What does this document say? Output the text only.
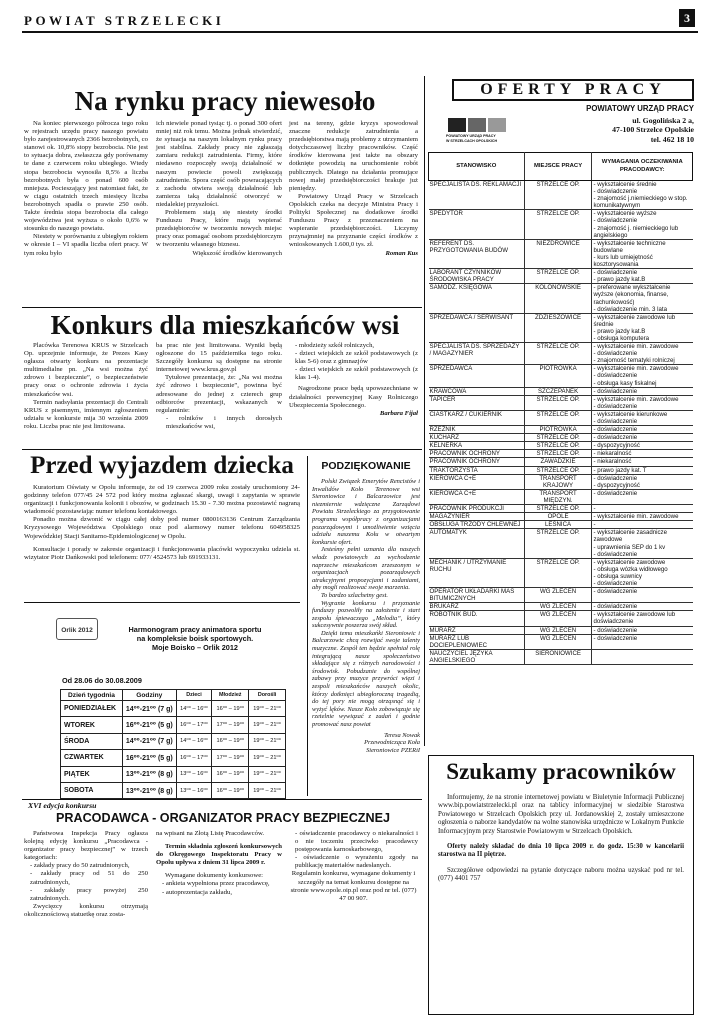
POWIAT STRZELECKI	3
Na rynku pracy niewesoło

Na koniec pierwszego półrocza tego roku w rejestrach urzędu pracy naszego powiatu było zarejestrowanych 2366 bezrobotnych, co stanowi ok. 10,8% stopy bezrobocia. Nie jest to sytuacja dobra, zwłaszcza gdy porównamy te dane z czerwcem roku ubiegłego. Wtedy stopa bezrobocia wynosiła 8,5% a liczba bezrobotnych była o ponad 600 osób mniejsza. Pocieszający jest natomiast fakt, że w ciągu ostatnich trzech miesięcy liczba bezrobotnych spadła o prawie 250 osób. Także średnia stopa bezrobocia dla całego województwa jest wyższa o około 0,6% w stosunku do naszego powiatu.

Niestety w porównaniu z ubiegłym rokiem w okresie I – VI spadła liczba ofert pracy. W tym roku było

ich niewiele ponad tysiąc tj. o ponad 300 ofert mniej niż rok temu. Można jednak stwierdzić, że sytuacja na naszym lokalnym rynku pracy jest stabilna. Zakłady pracy nie zgłaszają zamiaru redukcji zatrudnienia. Firmy, które niedawno rozpoczęły swoją działalność w naszym powiecie powoli zwiększają zatrudnienie. Spora część osób powracających z zachodu otwiera swoją działalność lub zamierza taką działalność otworzyć w niedalekiej przyszłości.

Problemem stają się niestety środki Funduszu Pracy, które mają wspierać przedsiębiorców w tworzeniu nowych miejsc pracy oraz pomagać osobom przedsiębiorczym w tworzeniu własnego biznesu.

Większość środków kierowanych

jest na tereny, gdzie kryzys spowodował znaczne redukcje zatrudnienia a przedsiębiorstwa mają problemy z utrzymaniem dotychczasowej liczby pracowników. Część środków kierowana jest także na obszary dotknięte powodzią na uruchomienie robót publicznych. Dlatego na działania promujące nowej małej przedsiębiorczości brakuje już pieniędzy.

Powiatowy Urząd Pracy w Strzelcach Opolskich czeka na decyzje Ministra Pracy i Polityki Społecznej na dodatkowe środki Funduszu Pracy z przeznaczeniem na wspieranie przedsiębiorczości. Liczymy przynajmniej na przyznanie części środków z wnioskowanych 1.600,0 tys. zł.

Roman Kus
Konkurs dla mieszkańców wsi

Placówka Terenowa KRUS w Strzelcach Op. uprzejmie informuje, że Prezes Kasy ogłasza otwarty konkurs na prezentacje multimedialne pn. „Na wsi można żyć zdrowo i bezpiecznie”, o bezpieczeństwie pracy oraz o ochronie zdrowia i życia mieszkańców wsi.

Termin nadsyłania prezentacji do Centrali KRUS z pisemnym, imiennym zgłoszeniem udziału w konkursie mija 30 września 2009 roku. Liczba prac nie jest limitowana.

ba prac nie jest limitowana. Wyniki będą ogłoszone do 15 października tego roku. Szczegóły konkursu są dostępne na stronie internetowej www.krus.gov.pl

Tytułowe prezentacje, że: „Na wsi można żyć zdrowo i bezpiecznie”, powinna być adresowane do jednej z czterech grup odbiorców prezentacji, wskazanych w regulaminie:

- rolników i innych dorosłych mieszkańców wsi,

- młodzieży szkół rolniczych,

- dzieci wiejskich ze szkół podstawowych (z klas 5-6) oraz z gimnazjów

- dzieci wiejskich ze szkół podstawowych (z klas 1-4).

Nagrodzone prace będą upowszechniane w działalności prewencyjnej Kasy Rolniczego Ubezpieczenia Społecznego.

Barbara Fijał
Przed wyjazdem dziecka

Kuratorium Oświaty w Opolu informuje, że od 19 czerwca 2009 roku zostały uruchomiony 24- godzinny telefon 077/45 24 572 pod który można zgłaszać skargi, uwagi i zapytania w sprawie organizacji i funkcjonowania kolonii i obozów, w godzinach 15.30 - 7.30 można pozostawić nagraną wiadomość pozostawiając numer telefonu kontaktowego.

Ponadto można dzwonić w ciągu całej doby pod numer 0800163136 Centrum Zarządzania Kryzysowego Województwa Opolskiego oraz pod alarmowy numer telefonu 604958325 Wojewódzkiej Stacji Sanitarno-Epidemiologicznej w Opolu.

Konsultacje i porady w zakresie organizacji i funkcjonowania placówki wypoczynku udziela st. wizytator Piotr Dańkowski pod telefonem: 077/ 4524573 lub 691933131.

Orlik 2012	Harmonogram pracy animatora sportu
na kompleksie boisk sportowych.
Moje Boisko – Orlik 2012
Od 28.06 do 30.08.2009
Dzień tygodnia	Godziny	Dzieci	Młodzież	Dorośli
PONIEDZIAŁEK	14⁰⁰-21⁰⁰ (7 g)	14⁰⁰ – 16⁰⁰	16⁰⁰ – 19⁰⁰	19⁰⁰ – 21⁰⁰
WTOREK	16⁰⁰-21⁰⁰ (5 g)	16⁰⁰ – 17⁰⁰	17⁰⁰ – 19⁰⁰	19⁰⁰ – 21⁰⁰
ŚRODA	14⁰⁰-21⁰⁰ (7 g)	14⁰⁰ – 16⁰⁰	16⁰⁰ – 19⁰⁰	19⁰⁰ – 21⁰⁰
CZWARTEK	16⁰⁰-21⁰⁰ (5 g)	16⁰⁰ – 17⁰⁰	17⁰⁰ – 19⁰⁰	19⁰⁰ – 21⁰⁰
PIĄTEK	13⁰⁰-21⁰⁰ (8 g)	13⁰⁰ – 16⁰⁰	16⁰⁰ – 19⁰⁰	19⁰⁰ – 21⁰⁰
SOBOTA	13⁰⁰-21⁰⁰ (8 g)	13⁰⁰ – 16⁰⁰	16⁰⁰ – 19⁰⁰	19⁰⁰ – 21⁰⁰
PODZIĘKOWANIE

Polski Związek Emerytów Rencistów i Inwalidów Koło Terenowe wsi Sieroniowice i Balcarzowice jest niezmiernie wdzięczne Zarządowi Powiatu Strzeleckiego za przygotowanie programu współpracy z organizacjami pozarządowymi i umożliwienie wzięcia udziału naszemu Kołu w otwartym konkursie ofert.

Jesteśmy pełni uznania dla naszych władz powiatowych za wychodzenie naprzeciw mieszkańcom zrzeszonym w organizacjach pozarządowych atrakcyjnymi propozycjami i zadaniami, aby mogli realizować swoje marzenia.

To bardzo szlachetny gest.

Wygranie konkursu i przyznanie funduszy pozwoliły na założenie i start zespołu śpiewaczego „Melodia”, który sukcesywnie poszerza swój skład.

Dzięki temu mieszkańki Sieroniowic i Balcarzowic chcą rozwijać swoje talenty muzyczne. Zespół ten będzie spełniał rolę integrującą nasze społeczeństwo składające się z różnych narodowości i środowisk. Pobudzanie do wspólnej zabawy przy muzyce przywróci więzi i zespoli mieszkańców naszych okolic, którzy dotknięci ubiegłoroczną tragedią, do tej pory nie mogą otrząsnąć się i wyżyć lęków. Nasze Koło zobowiązuje się rzetelnie wywiązać z zadań i godnie promować nasz powiat

Teresa Nowak
Przewodnicząca Koła
Sieroniowice PZERiI
XVI edycja konkursu
PRACODAWCA - ORGANIZATOR PRACY BEZPIECZNEJ

Państwowa Inspekcja Pracy ogłasza kolejną edycję konkursu „Pracodawca - organizator pracy bezpiecznej” w trzech kategoriach:

- zakłady pracy do 50 zatrudnionych,

- zakłady pracy od 51 do 250 zatrudnionych,

- zakłady pracy powyżej 250 zatrudnionych.

Zwycięzcy konkursu otrzymają okolicznościową statuetkę oraz zosta-

na wpisani na Złotą Listę Pracodawców.

Termin składnia zgłoszeń konkursowych do Okręgowego Inspektoratu Pracy w Opolu upływa z dniem 31 lipca 2009 r.

Wymagane dokumenty konkursowe:

- ankieta wypełniona przez pracodawcę,

- autoprezentacja zakładu,

- oświadczenie pracodawcy o niekaralności i o nie toczeniu przeciwko pracodawcy postępowania karnoskarbowego,

- oświadczenie o wyrażeniu zgody na publikację materiałów nadesłanych.

Regulamin konkursu, wymagane dokumenty i szczegóły na temat konkursu dostępne na stronie www.opole.oip.pl oraz pod nr tel. (077) 47 00 907.

OFERTY PRACY
POWIATOWY URZĄD PRACY
POWIATOWY URZĄD PRACY
W STRZELCACH OPOLSKICH
ul. Gogolińska 2 a,
47-100 Strzelce Opolskie
tel. 462 18 10
STANOWISKO	MIEJSCE PRACY	WYMAGANIA OCZEKIWANIA PRACODAWCY:
SPECJALISTA DS. REKLAMACJI	STRZELCE OP.	- wykształcenie średnie
- doświadczenie
- znajomość j.niemieckiego w stop. komunikatywnym
SPEDYTOR	STRZELCE OP.	- wykształcenie wyższe
- doświadczenie
- znajomość j. niemieckiego lub angielskiego
REFERENT DS. PRZYGOTOWANIA BUDÓW	NIEZDROWICE	- wykształcenie techniczne budowlane
- kurs lub umiejętność kosztorysowania
LABORANT CZYNNIKÓW ŚRODOWISKA PRACY	STRZELCE OP.	- doświadczenie
- prawo jazdy kat.B
SAMODZ. KSIĘGOWA	KOLONOWSKIE	- preferowane wykształcenie wyższe (ekonomia, finanse, rachunkowość)
- doświadczenie min. 3 lata
SPRZEDAWCA / SERWISANT	ZDZIESZOWICE	- wykształcenie zawodowe lub średnie
- prawo jazdy kat.B
- obsługa komputera
SPECJALISTA DS. SPRZEDAŻY / MAGAZYNIER	STRZELCE OP.	- wykształcenie min. zawodowe
- doświadczenie
- znajomość tematyki rolniczej
SPRZEDAWCA	PIOTRÓWKA	- wykształcenie min. zawodowe
- doświadczenie
- obsługa kasy fiskalnej
KRAWCOWA	SZCZEPANEK	- doświadczenie
TAPICER	STRZELCE OP.	- wykształcenie min. zawodowe
- doświadczenie
CIASTKARZ / CUKIERNIK	STRZELCE OP.	- wykształcenie kierunkowe
- doświadczenie
RZEŹNIK	PIOTRÓWKA	- doświadczenie
KUCHARZ	STRZELCE OP.	- doświadczenie
KELNERKA	STRZELCE OP.	- dyspozycyjność
PRACOWNIK OCHRONY	STRZELCE OP.	- niekaralność
PRACOWNIK OCHRONY	ZAWADZKIE	- niekaralność
TRAKTORZYSTA	STRZELCE OP.	- prawo jazdy kat. T
KIEROWCA C+E	TRANSPORT KRAJOWY	- doświadczenie
- dyspozycyjność
KIEROWCA C+E	TRANSPORT MIĘDZYN.	- doświadczenie
PRACOWNIK PRODUKCJI	STRZELCE OP.	-
MAGAZYNIER	OPOLE	- wykształcenie min. zawodowe
OBSŁUGA TRZODY CHLEWNEJ	LEŚNICA	-
AUTOMATYK	STRZELCE OP.	- wykształcenie zasadnicze zawodowe
- uprawnienia SEP do 1 kv
- doświadczenie
MECHANIK / UTRZYMANIE RUCHU	STRZELCE OP.	- wykształcenie zawodowe
- obsługa wózka widłowego
- obsługa suwnicy
- doświadczenie
OPERATOR UKŁADARKI MAS BITUMICZNYCH	WG ZLECEŃ	- doświadczenie
BRUKARZ	WG ZLECEŃ	- doświadczenie
ROBOTNIK BUD.	WG ZLECEŃ	- wykształcenie zawodowe lub doświadczenie
MURARZ	WG ZLECEŃ	- doświadczenie
MURARZ LUB DOCIEPLENIOWIEC	WG ZLECEŃ	- doświadczenie
NAUCZYCIEL JĘZYKA ANGIELSKIEGO	SIERONIOWICE	
Szukamy pracowników

Informujemy, że na stronie internetowej powiatu w Biuletynie Informacji Publicznej www.bip.powiatstrzelecki.pl oraz na tablicy informacyjnej w siedzibie Starostwa Powiatowego w Strzelcach Opolskich przy ul. Jordanowskiej 2, zostały umieszczone ogłoszenia o naborze kandydatów na wolne stanowiska urzędnicze w Lokalnym Punkcie Informacyjnym przy Starostwie Powiatowym w Strzelcach Opolskich.

Oferty należy składać do dnia 10 lipca 2009 r. do godz. 15:30 w kancelarii starostwa na II piętrze.

Szczegółowe odpowiedzi na pytanie dotyczące naboru można uzyskać pod nr tel. (077) 4401 757
